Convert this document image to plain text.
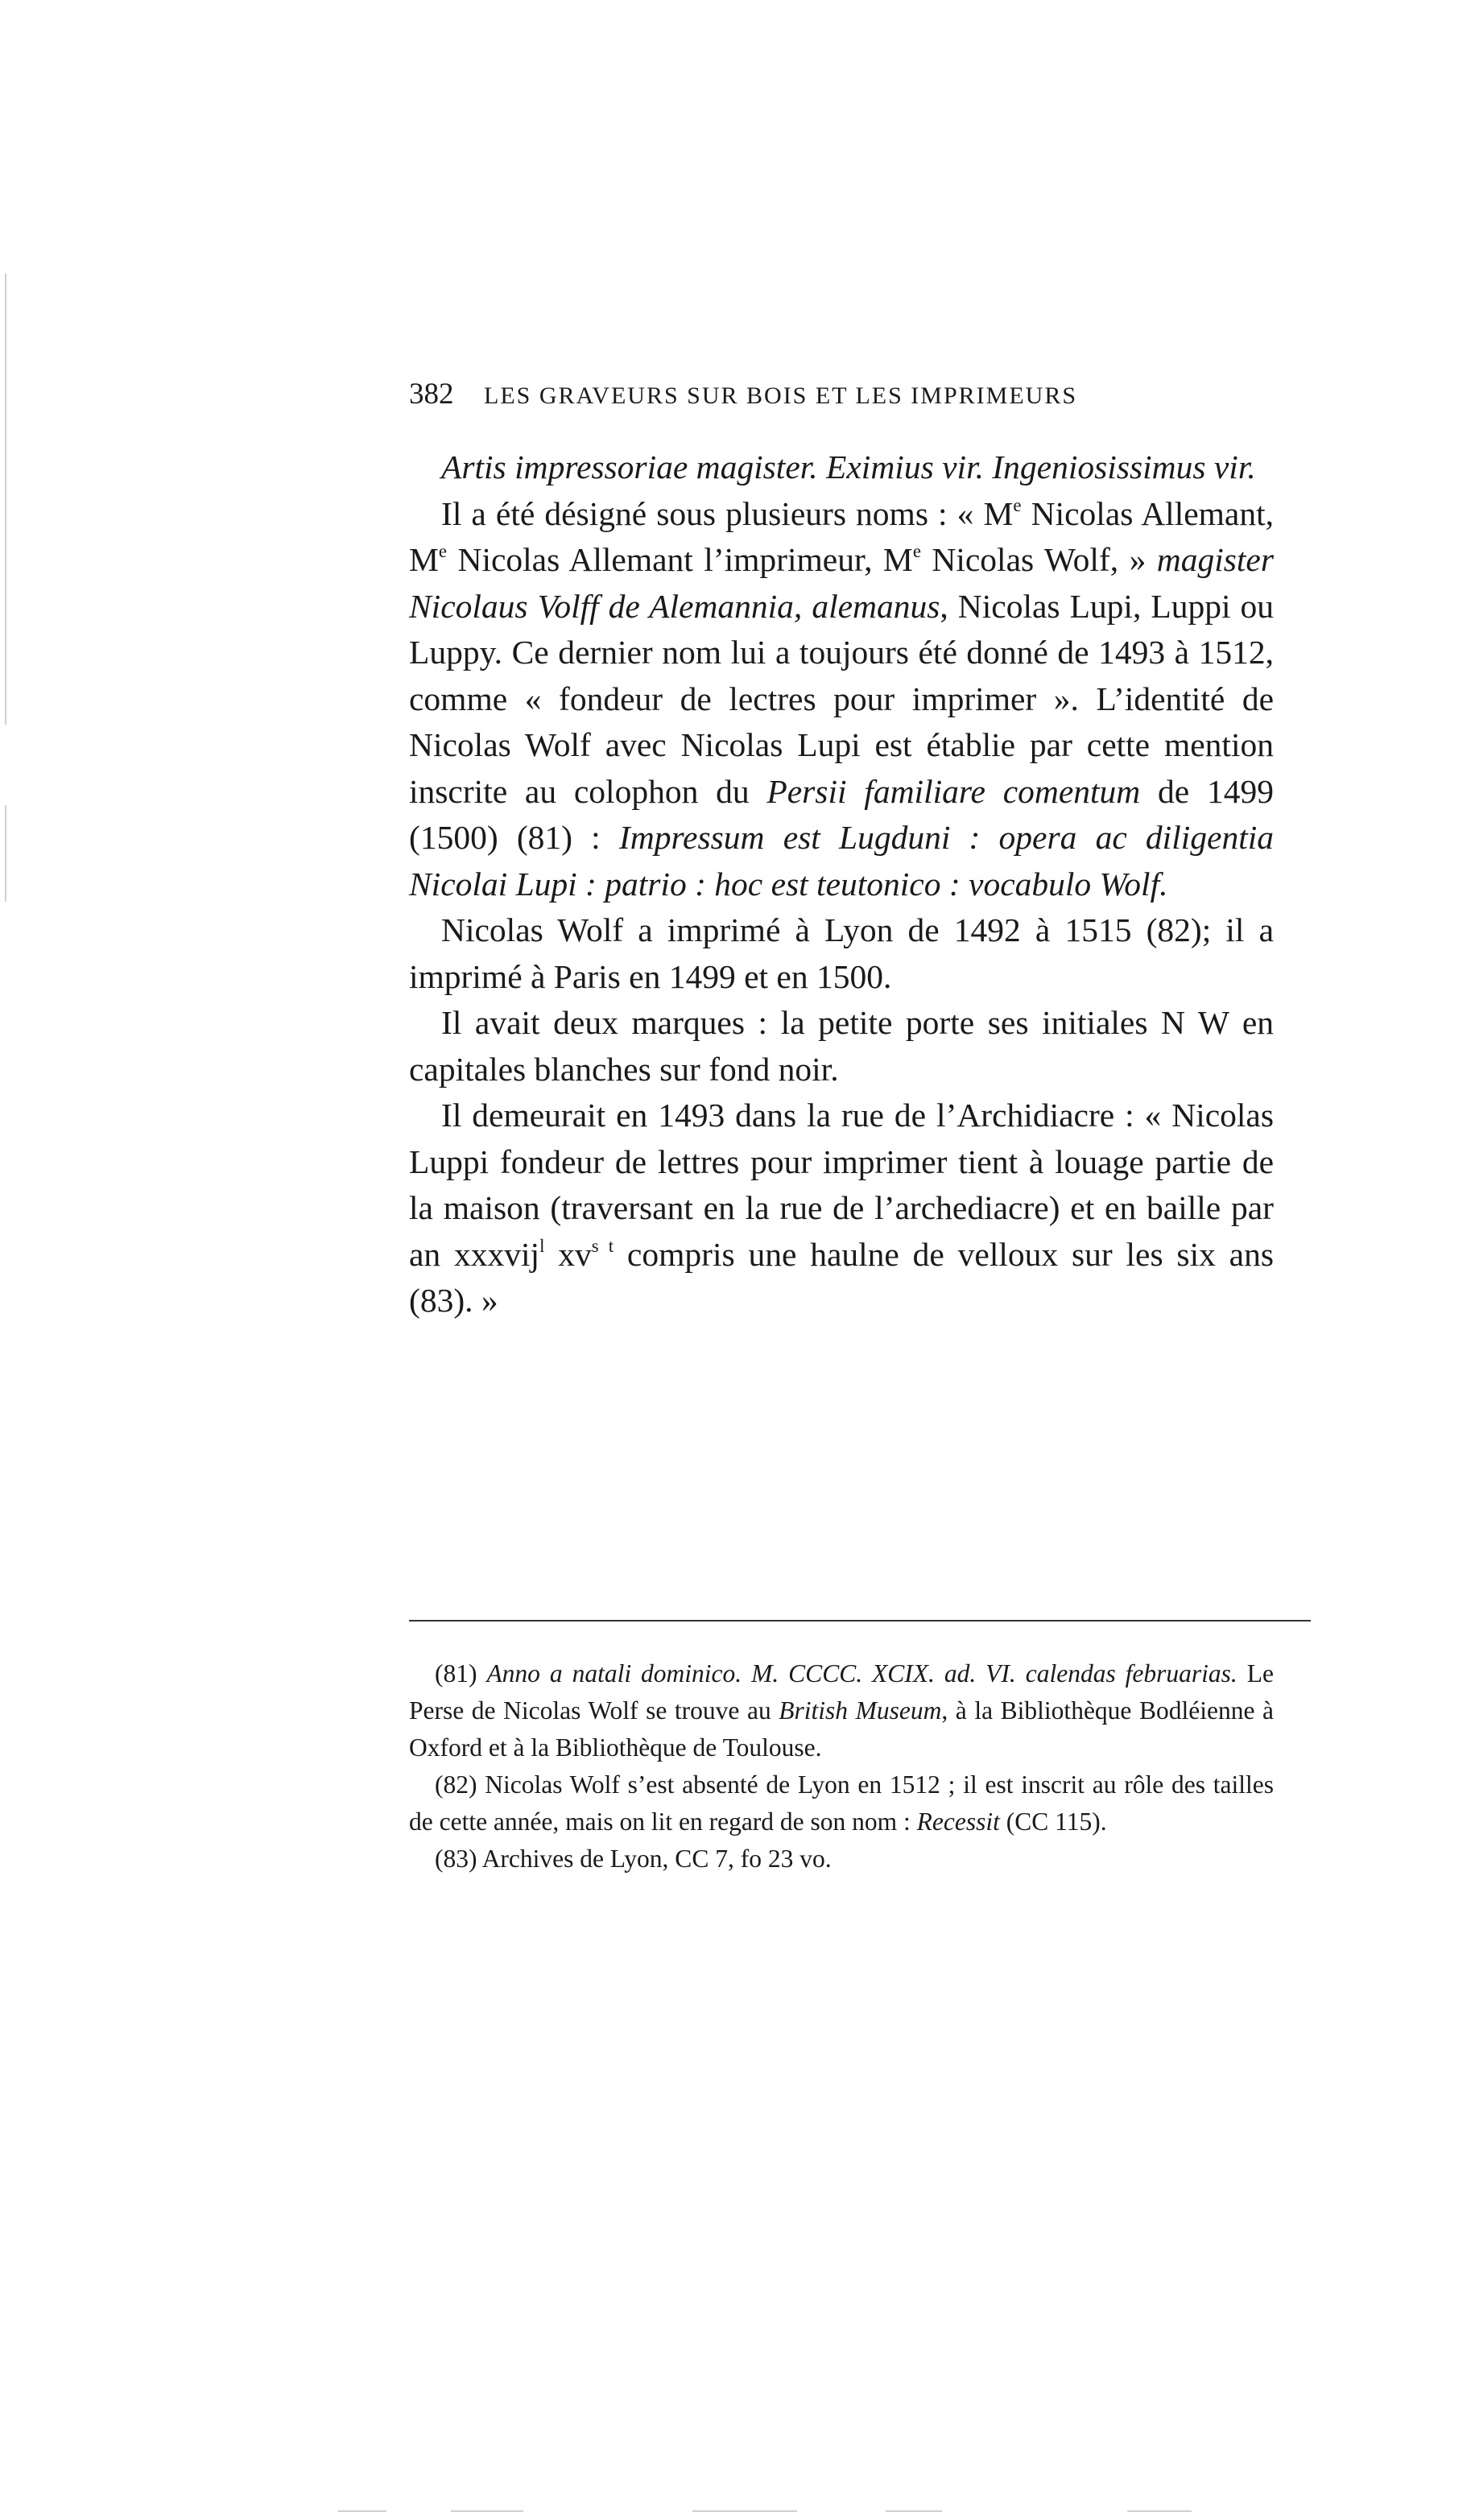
382 LES GRAVEURS SUR BOIS ET LES IMPRIMEURS

Artis impressoriae magister. Eximius vir. Ingeniosissimus vir.

Il a été désigné sous plusieurs noms : « Me Nicolas Allemant, Me Nicolas Allemant l’imprimeur, Me Nicolas Wolf, » magister Nicolaus Volff de Alemannia, alemanus, Nicolas Lupi, Luppi ou Luppy. Ce dernier nom lui a toujours été donné de 1493 à 1512, comme « fondeur de lectres pour imprimer ». L’identité de Nicolas Wolf avec Nicolas Lupi est établie par cette mention inscrite au colophon du Persii familiare comentum de 1499 (1500) (81) : Impressum est Lugduni : opera ac diligentia Nicolai Lupi : patrio : hoc est teutonico : vocabulo Wolf.

Nicolas Wolf a imprimé à Lyon de 1492 à 1515 (82); il a imprimé à Paris en 1499 et en 1500.

Il avait deux marques : la petite porte ses initiales N W en capitales blanches sur fond noir.

Il demeurait en 1493 dans la rue de l’Archidiacre : « Nicolas Luppi fondeur de lettres pour imprimer tient à louage partie de la maison (traversant en la rue de l’archediacre) et en baille par an xxxvij$^l$ $xv^{s t}$ compris une haulne de velloux sur les six ans (83). »

(81) Anno a natali dominico. M. CCCC. XCIX. ad. VI. calendas februarias. Le Perse de Nicolas Wolf se trouve au British Museum, à la Bibliothèque Bodléienne à Oxford et à la Bibliothèque de Toulouse.

(82) Nicolas Wolf s’est absenté de Lyon en 1512 ; il est inscrit au rôle des tailles de cette année, mais on lit en regard de son nom : Recessit (CC 115).

(83) Archives de Lyon, CC 7, fo 23 vo.
